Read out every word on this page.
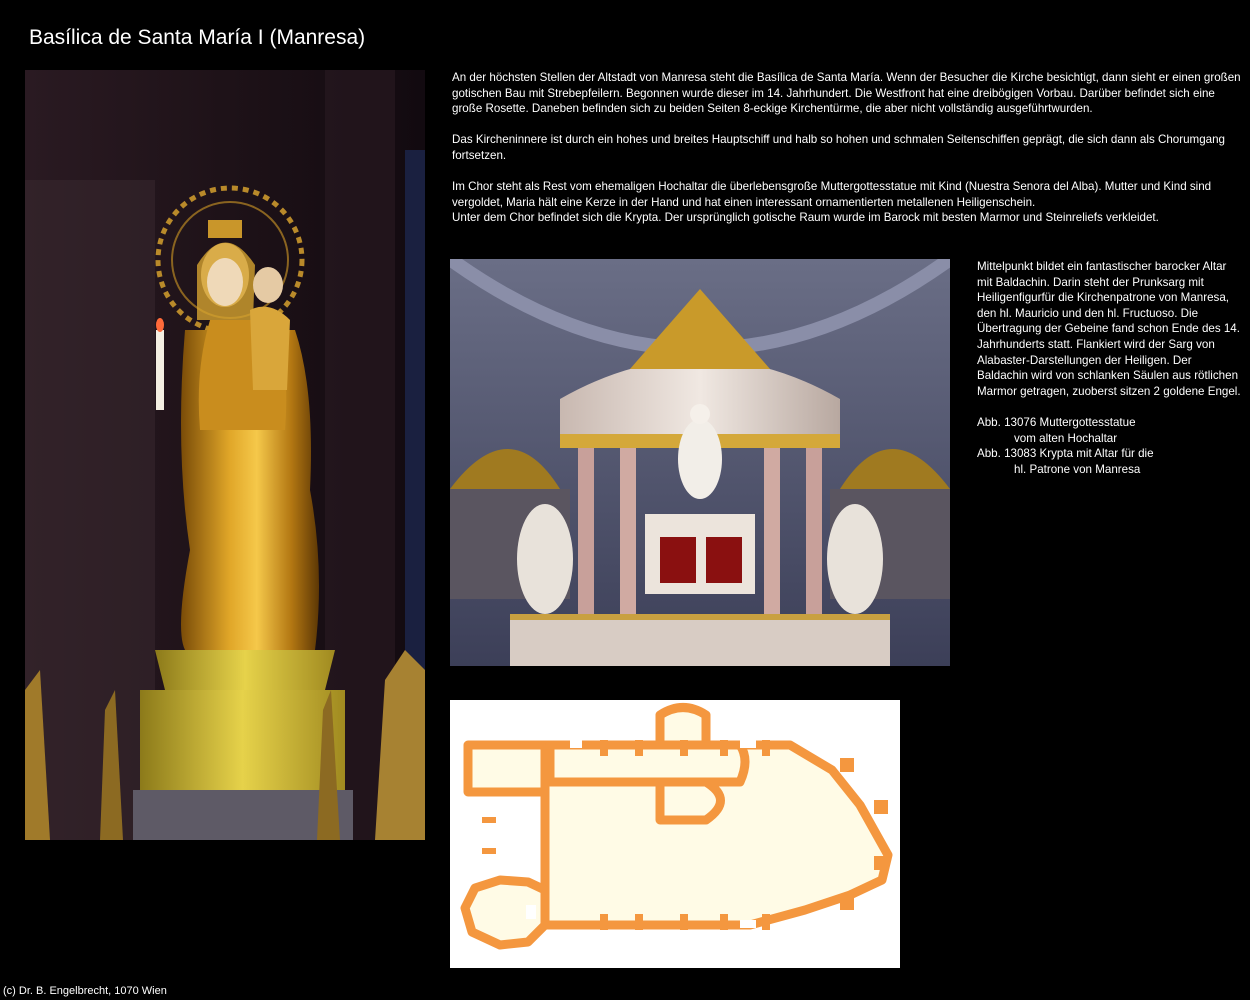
Basílica de Santa María I (Manresa)

An der höchsten Stellen der Altstadt von Manresa steht die Basílica de Santa María. Wenn der Besucher die Kirche besichtigt, dann sieht er einen großen gotischen Bau mit Strebepfeilern. Begonnen wurde dieser im 14. Jahrhundert. Die Westfront hat eine dreibögigen Vorbau. Darüber befindet sich eine große Rosette. Daneben befinden sich zu beiden Seiten 8-eckige Kirchentürme, die aber nicht vollständig ausgeführtwurden.

Das Kircheninnere ist durch ein hohes und breites Hauptschiff und halb so hohen und schmalen Seitenschiffen geprägt, die sich dann als Chorumgang fortsetzen.

Im Chor steht als Rest vom ehemaligen Hochaltar die überlebensgroße Muttergottesstatue mit Kind (Nuestra Senora del Alba). Mutter und Kind sind vergoldet, Maria hält eine Kerze in der Hand und hat einen interessant ornamentierten metallenen Heiligenschein.
Unter dem Chor befindet sich die Krypta. Der ursprünglich gotische Raum wurde im Barock mit besten Marmor und Steinreliefs verkleidet.

Mittelpunkt bildet ein fantastischer barocker Altar mit Baldachin. Darin steht der Prunksarg mit Heiligenfigurfür die Kirchenpatrone von Manresa, den hl. Mauricio und den hl. Fructuoso. Die Übertragung der Gebeine fand schon Ende des 14. Jahrhunderts statt. Flankiert wird der Sarg von Alabaster-Darstellungen der Heiligen. Der Baldachin wird von schlanken Säulen aus rötlichen Marmor getragen, zuoberst sitzen 2 goldene Engel.

Abb. 13076 Muttergottesstatue
vom alten Hochaltar
Abb. 13083 Krypta mit Altar für die
hl. Patrone von Manresa
(c) Dr. B. Engelbrecht, 1070 Wien
